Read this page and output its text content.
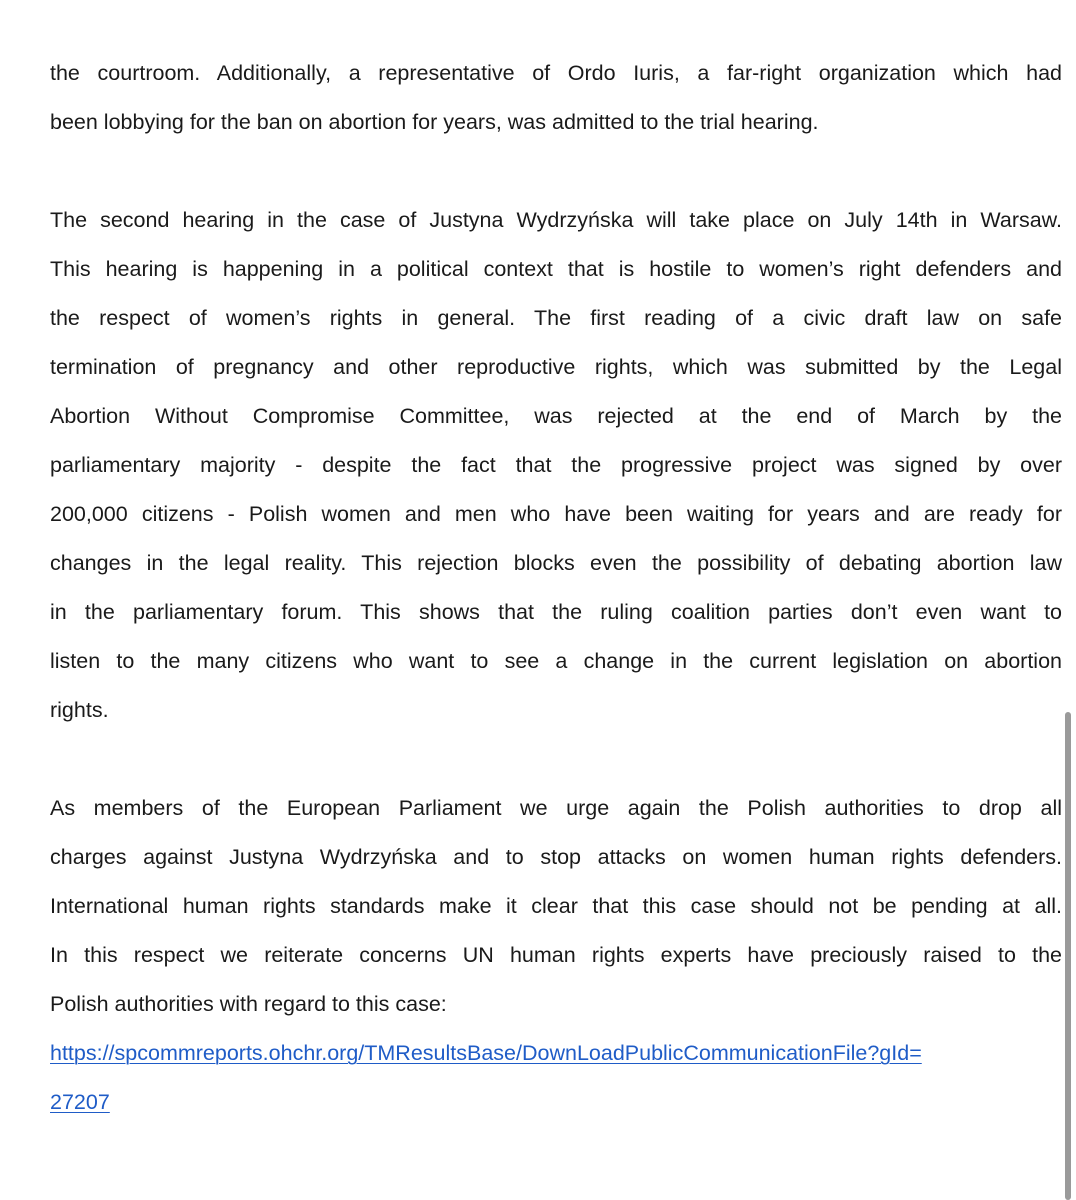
the courtroom. Additionally, a representative of Ordo Iuris, a far-right organization which had
been lobbying for the ban on abortion for years, was admitted to the trial hearing.
The second hearing in the case of Justyna Wydrzyńska will take place on July 14th in Warsaw.
This hearing is happening in a political context that is hostile to women’s right defenders and
the respect of women’s rights in general. The first reading of a civic draft law on safe
termination of pregnancy and other reproductive rights, which was submitted by the Legal
Abortion Without Compromise Committee, was rejected at the end of March by the
parliamentary majority - despite the fact that the progressive project was signed by over
200,000 citizens - Polish women and men who have been waiting for years and are ready for
changes in the legal reality. This rejection blocks even the possibility of debating abortion law
in the parliamentary forum. This shows that the ruling coalition parties don’t even want to
listen to the many citizens who want to see a change in the current legislation on abortion
rights.
As members of the European Parliament we urge again the Polish authorities to drop all
charges against Justyna Wydrzyńska and to stop attacks on women human rights defenders.
International human rights standards make it clear that this case should not be pending at all.
In this respect we reiterate concerns UN human rights experts have preciously raised to the
Polish authorities with regard to this case:
https://spcommreports.ohchr.org/TMResultsBase/DownLoadPublicCommunicationFile?gId=
27207
